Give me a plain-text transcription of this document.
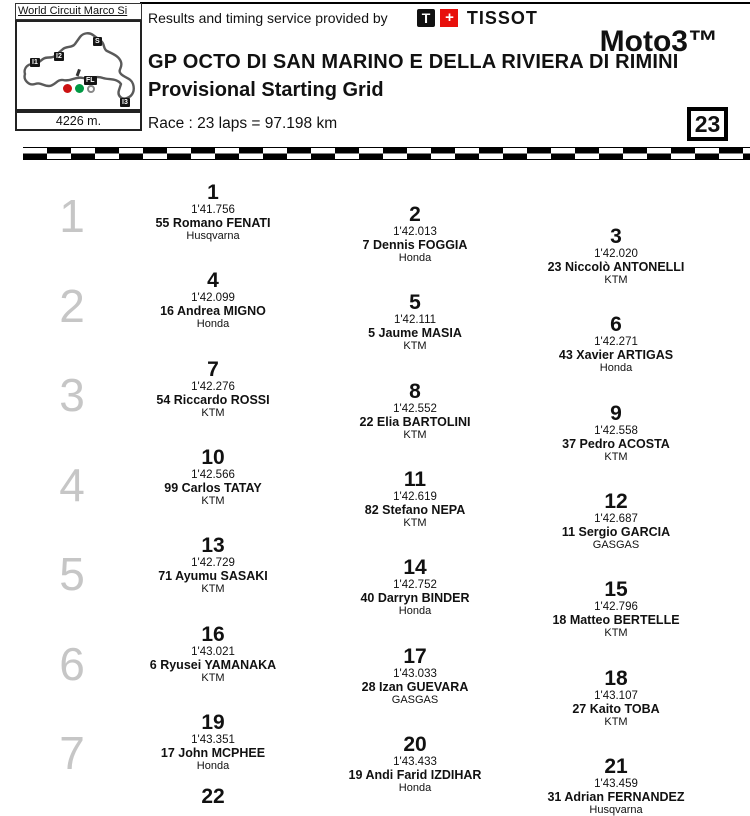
World Circuit Marco Si
S
I1
I2
FL
I3
4226 m.
Results and timing service provided by	T + TISSOT
Moto3™
GP OCTO DI SAN MARINO E DELLA RIVIERA DI RIMINI
Provisional Starting Grid
Race : 23 laps = 97.198 km	23
1
2
3
4
5
6
7
1
1'41.756
55 Romano FENATI
Husqvarna
2
1'42.013
7 Dennis FOGGIA
Honda
3
1'42.020
23 Niccolò ANTONELLI
KTM
4
1'42.099
16 Andrea MIGNO
Honda
5
1'42.111
5 Jaume MASIA
KTM
6
1'42.271
43 Xavier ARTIGAS
Honda
7
1'42.276
54 Riccardo ROSSI
KTM
8
1'42.552
22 Elia BARTOLINI
KTM
9
1'42.558
37 Pedro ACOSTA
KTM
10
1'42.566
99 Carlos TATAY
KTM
11
1'42.619
82 Stefano NEPA
KTM
12
1'42.687
11 Sergio GARCIA
GASGAS
13
1'42.729
71 Ayumu SASAKI
KTM
14
1'42.752
40 Darryn BINDER
Honda
15
1'42.796
18 Matteo BERTELLE
KTM
16
1'43.021
6 Ryusei YAMANAKA
KTM
17
1'43.033
28 Izan GUEVARA
GASGAS
18
1'43.107
27 Kaito TOBA
KTM
19
1'43.351
17 John MCPHEE
Honda
20
1'43.433
19 Andi Farid IZDIHAR
Honda
21
1'43.459
31 Adrian FERNANDEZ
Husqvarna
22
